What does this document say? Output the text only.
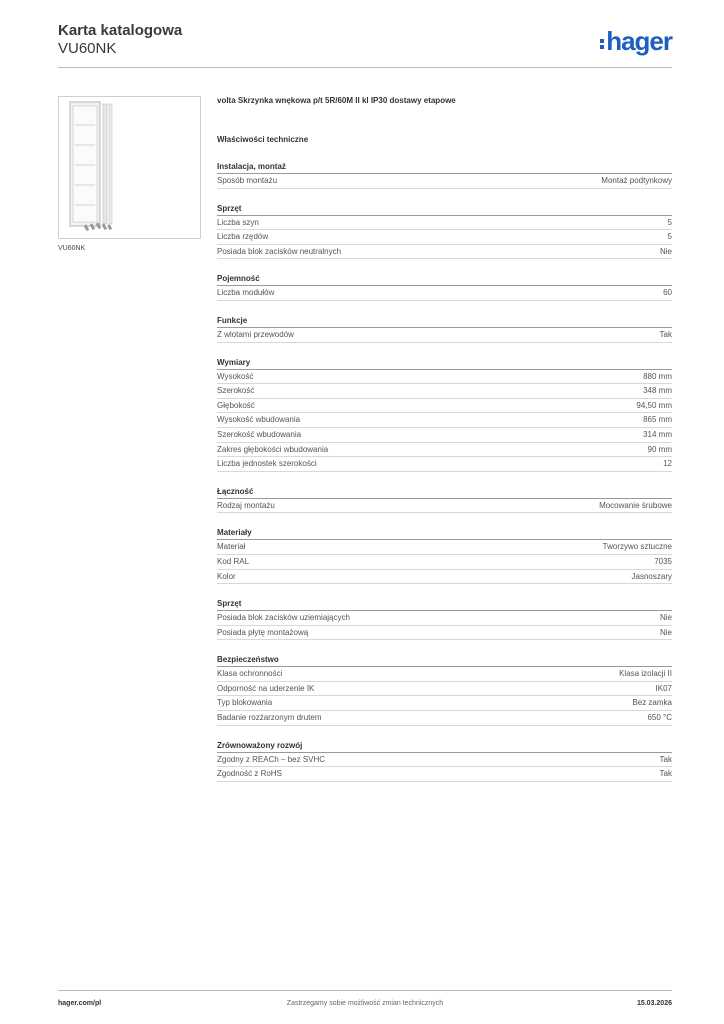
Karta katalogowa
VU60NK	hager
VU60NK
volta Skrzynka wnękowa p/t 5R/60M II kl IP30 dostawy etapowe
Właściwości techniczne
Instalacja, montaż
Sposób montażu	Montaż podtynkowy
Sprzęt
Liczba szyn	5
Liczba rzędów	5
Posiada blok zacisków neutralnych	Nie
Pojemność
Liczba modułów	60
Funkcje
Z wlotami przewodów	Tak
Wymiary
Wysokość	880 mm
Szerokość	348 mm
Głębokość	94,50 mm
Wysokość wbudowania	865 mm
Szerokość wbudowania	314 mm
Zakres głębokości wbudowania	90 mm
Liczba jednostek szerokości	12
Łączność
Rodzaj montażu	Mocowanie śrubowe
Materiały
Materiał	Tworzywo sztuczne
Kod RAL	7035
Kolor	Jasnoszary
Sprzęt
Posiada blok zacisków uziemiających	Nie
Posiada płytę montażową	Nie
Bezpieczeństwo
Klasa ochronności	Klasa izolacji II
Odporność na uderzenie IK	IK07
Typ blokowania	Bez zamka
Badanie rozżarzonym drutem	650 °C
Zrównoważony rozwój
Zgodny z REACh – bez SVHC	Tak
Zgodność z RoHS	Tak
hager.com/pl	Zastrzegamy sobie możliwość zmian technicznych	15.03.2026
